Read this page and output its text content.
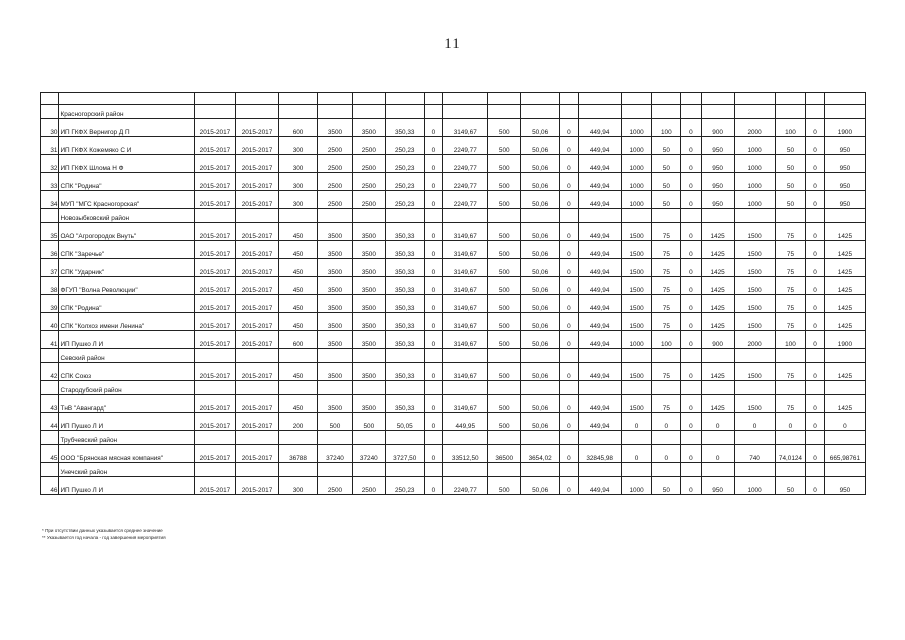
11

	Красногорский район																				
30	ИП ГКФХ Вернигор Д П	2015-2017	2015-2017	600	3500	3500	350,33	0	3149,67	500	50,06	0	449,94	1000	100	0	900	2000	100	0	1900
31	ИП ГКФХ Кожемяко С И	2015-2017	2015-2017	300	2500	2500	250,23	0	2249,77	500	50,06	0	449,94	1000	50	0	950	1000	50	0	950
32	ИП ГКФХ Шлома Н Ф	2015-2017	2015-2017	300	2500	2500	250,23	0	2249,77	500	50,06	0	449,94	1000	50	0	950	1000	50	0	950
33	СПК "Родина"	2015-2017	2015-2017	300	2500	2500	250,23	0	2249,77	500	50,06	0	449,94	1000	50	0	950	1000	50	0	950
34	МУП "МГС Красногорская"	2015-2017	2015-2017	300	2500	2500	250,23	0	2249,77	500	50,06	0	449,94	1000	50	0	950	1000	50	0	950
	Новозыбковский район																				
35	ОАО "Агрогородок Внуть"	2015-2017	2015-2017	450	3500	3500	350,33	0	3149,67	500	50,06	0	449,94	1500	75	0	1425	1500	75	0	1425
36	СПК "Заречье"	2015-2017	2015-2017	450	3500	3500	350,33	0	3149,67	500	50,06	0	449,94	1500	75	0	1425	1500	75	0	1425
37	СПК "Ударник"	2015-2017	2015-2017	450	3500	3500	350,33	0	3149,67	500	50,06	0	449,94	1500	75	0	1425	1500	75	0	1425
38	ФГУП "Волна Революции"	2015-2017	2015-2017	450	3500	3500	350,33	0	3149,67	500	50,06	0	449,94	1500	75	0	1425	1500	75	0	1425
39	СПК "Родина"	2015-2017	2015-2017	450	3500	3500	350,33	0	3149,67	500	50,06	0	449,94	1500	75	0	1425	1500	75	0	1425
40	СПК "Колхоз имени Ленина"	2015-2017	2015-2017	450	3500	3500	350,33	0	3149,67	500	50,06	0	449,94	1500	75	0	1425	1500	75	0	1425
41	ИП Пушко Л И	2015-2017	2015-2017	600	3500	3500	350,33	0	3149,67	500	50,06	0	449,94	1000	100	0	900	2000	100	0	1900
	Севский район																				
42	СПК Союз	2015-2017	2015-2017	450	3500	3500	350,33	0	3149,67	500	50,06	0	449,94	1500	75	0	1425	1500	75	0	1425
	Стародубский район																				
43	ТнВ "Авангард"	2015-2017	2015-2017	450	3500	3500	350,33	0	3149,67	500	50,06	0	449,94	1500	75	0	1425	1500	75	0	1425
44	ИП Пушко Л И	2015-2017	2015-2017	200	500	500	50,05	0	449,95	500	50,06	0	449,94	0	0	0	0	0	0	0	0
	Трубчевский район																				
45	ООО "Брянская мясная компания"	2015-2017	2015-2017	36788	37240	37240	3727,50	0	33512,50	36500	3654,02	0	32845,98	0	0	0	0	740	74,0124	0	665,98761
	Унечский район																				
46	ИП Пушко Л И	2015-2017	2015-2017	300	2500	2500	250,23	0	2249,77	500	50,06	0	449,94	1000	50	0	950	1000	50	0	950
* При отсутствии данных указывается среднее значение
** Указывается год начала - год завершения мероприятия
